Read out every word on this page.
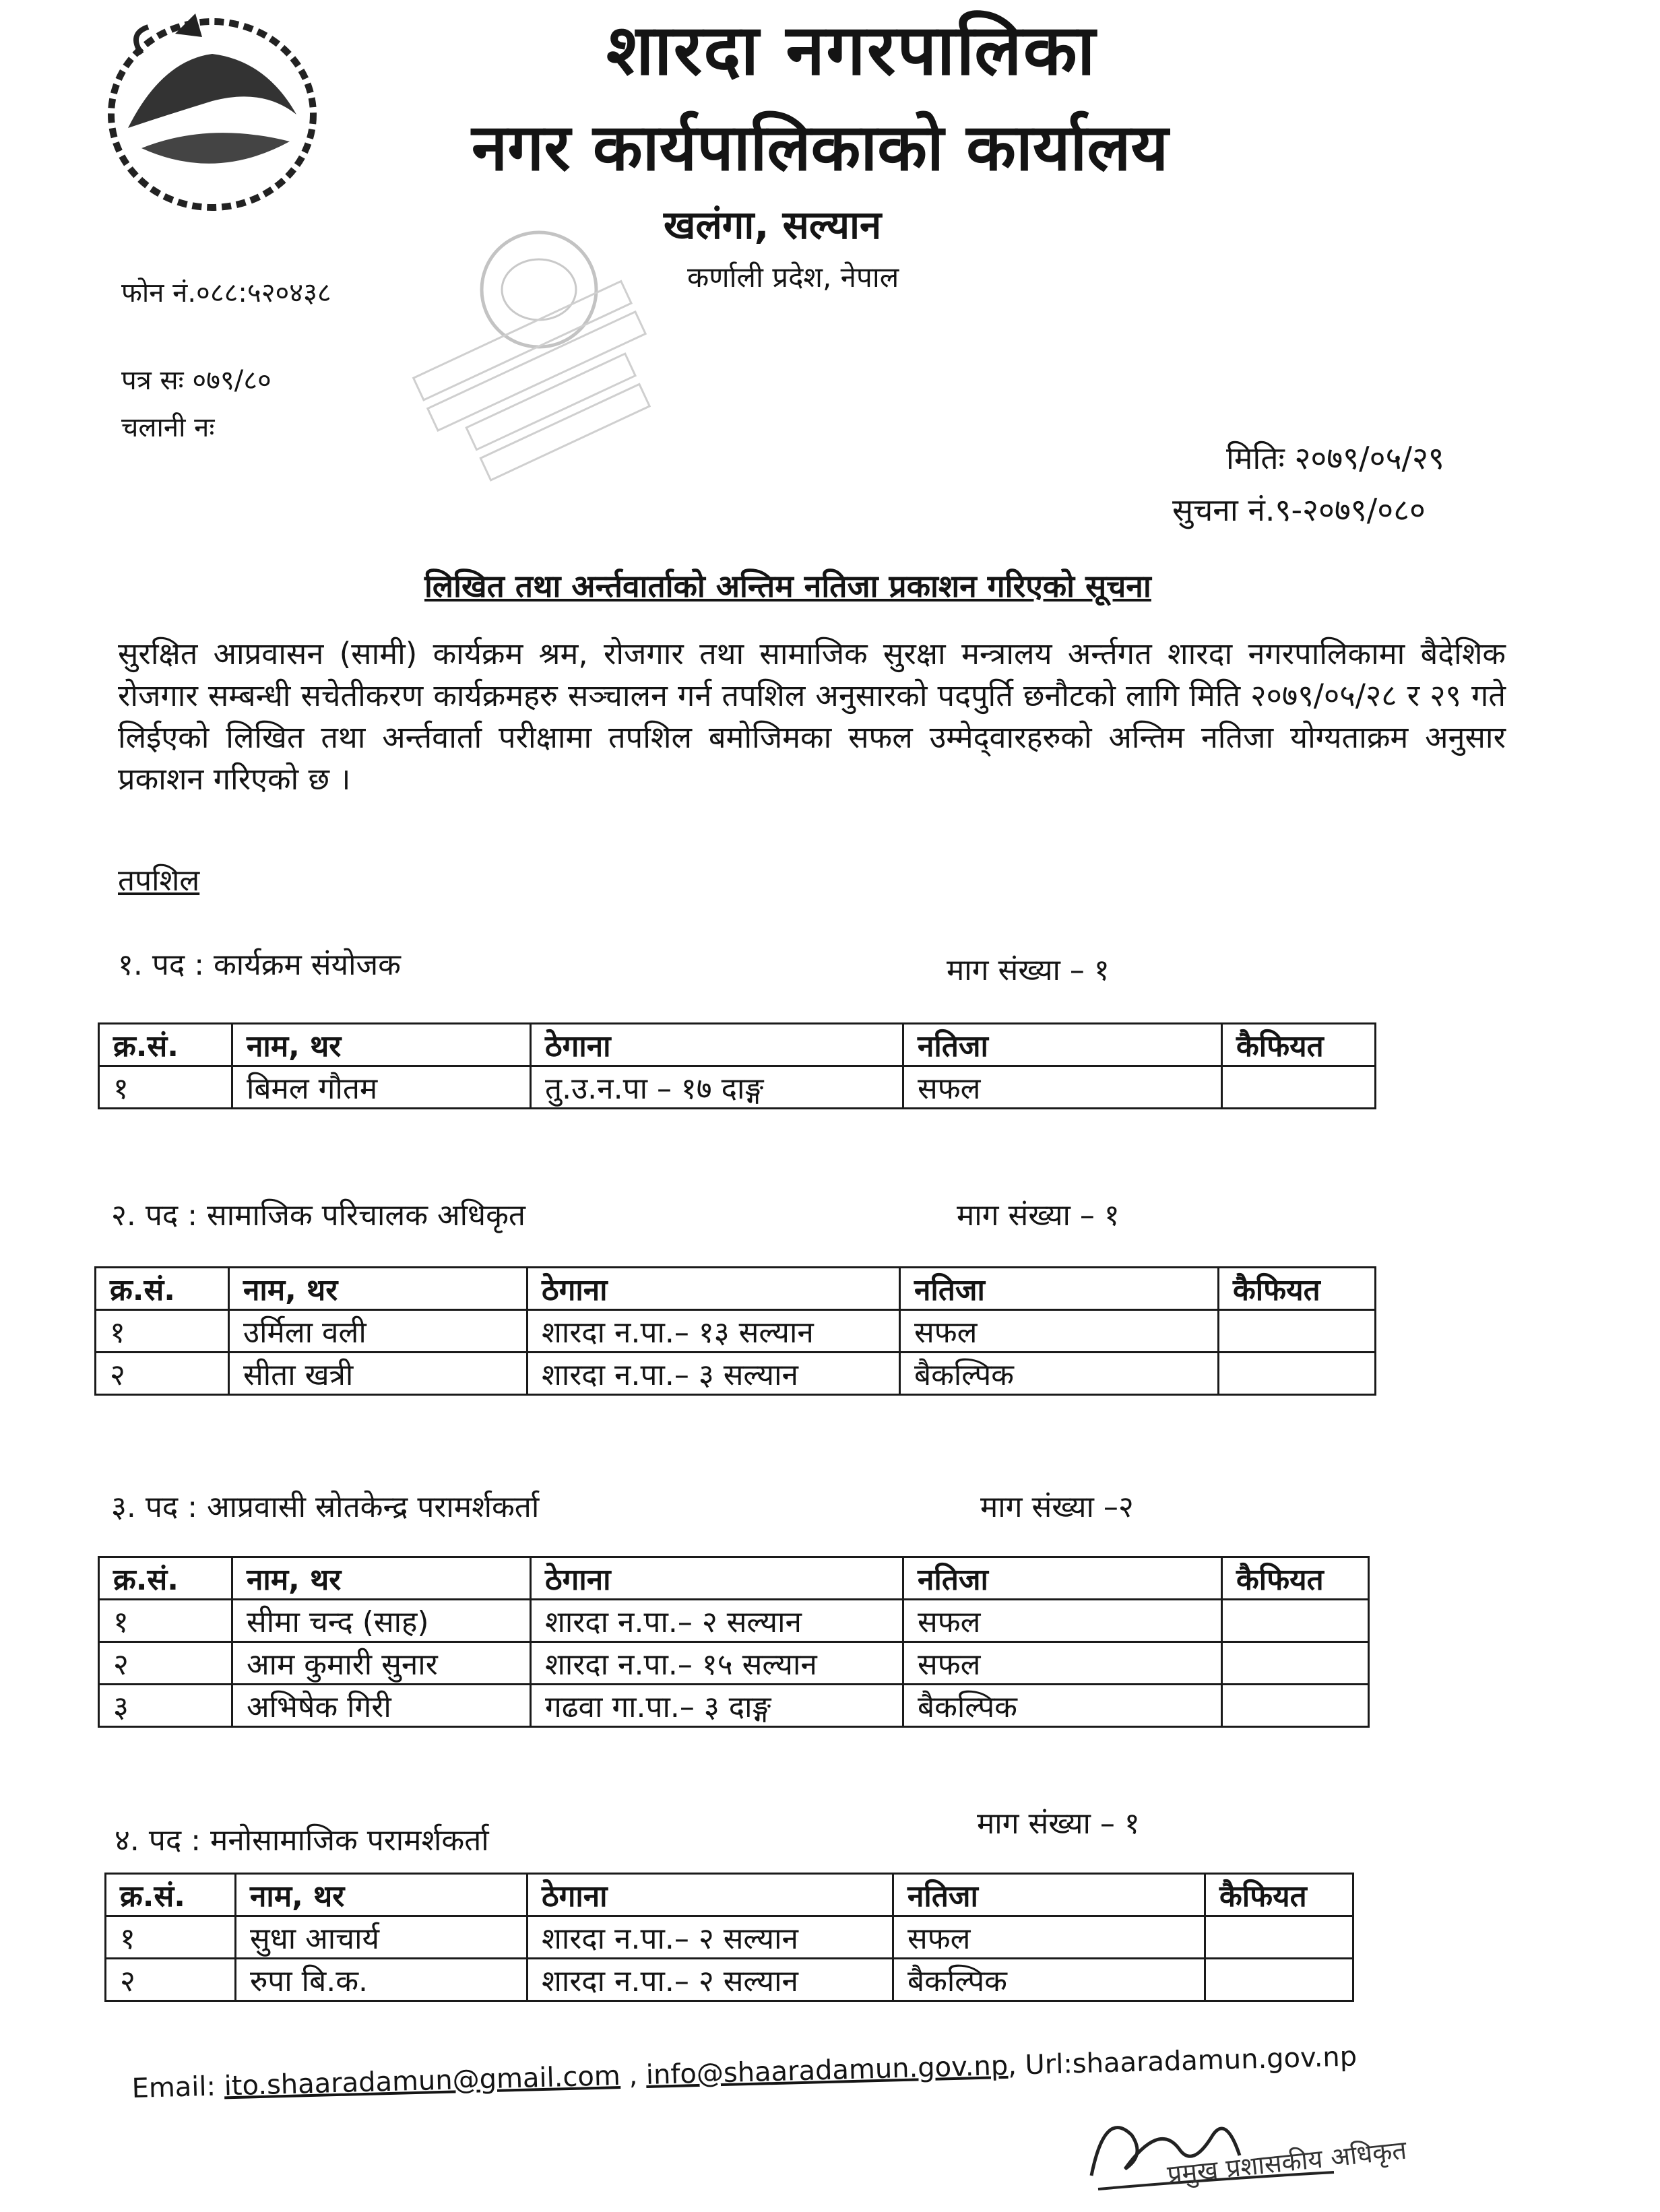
शारदा नगरपालिका
नगर कार्यपालिकाको कार्यालय
खलंगा, सल्यान
कर्णाली प्रदेश, नेपाल
फोन नं.०८८:५२०४३८
पत्र सः ०७९/८०
चलानी नः
मितिः २०७९/०५/२९
सुचना नं.९-२०७९/०८०
लिखित तथा अर्न्तवार्ताको अन्तिम नतिजा प्रकाशन गरिएको सूचना
सुरक्षित आप्रवासन (सामी) कार्यक्रम श्रम, रोजगार तथा सामाजिक सुरक्षा मन्त्रालय अर्न्तगत शारदा नगरपालिकामा बैदेशिक रोजगार सम्बन्धी सचेतीकरण कार्यक्रमहरु सञ्चालन गर्न तपशिल अनुसारको पदपुर्ति छनौटको लागि मिति २०७९/०५/२८ र २९ गते लिईएको लिखित तथा अर्न्तवार्ता परीक्षामा तपशिल बमोजिमका सफल उम्मेद्‌वारहरुको अन्तिम नतिजा योग्यताक्रम अनुसार प्रकाशन गरिएको छ ।
तपशिल
१. पद : कार्यक्रम संयोजक	माग संख्या – १
क्र.सं.	नाम, थर	ठेगाना	नतिजा	कैफियत
१	बिमल गौतम	तु.उ.न.पा – १७ दाङ्ग	सफल	
२. पद : सामाजिक परिचालक अधिकृत	माग संख्या – १
क्र.सं.	नाम, थर	ठेगाना	नतिजा	कैफियत
१	उर्मिला वली	शारदा न.पा.– १३ सल्यान	सफल	
२	सीता खत्री	शारदा न.पा.– ३ सल्यान	बैकल्पिक	
३. पद : आप्रवासी स्रोतकेन्द्र परामर्शकर्ता	माग संख्या –२
क्र.सं.	नाम, थर	ठेगाना	नतिजा	कैफियत
१	सीमा चन्द (साह)	शारदा न.पा.– २ सल्यान	सफल	
२	आम कुमारी सुनार	शारदा न.पा.– १५ सल्यान	सफल	
३	अभिषेक गिरी	गढवा गा.पा.– ३ दाङ्ग	बैकल्पिक	
४. पद : मनोसामाजिक परामर्शकर्ता	माग संख्या – १
क्र.सं.	नाम, थर	ठेगाना	नतिजा	कैफियत
१	सुधा आचार्य	शारदा न.पा.– २ सल्यान	सफल	
२	रुपा बि.क.	शारदा न.पा.– २ सल्यान	बैकल्पिक	
Email: ito.shaaradamun@gmail.com , info@shaaradamun.gov.np, Url:shaaradamun.gov.np
प्रमुख प्रशासकीय अधिकृत
